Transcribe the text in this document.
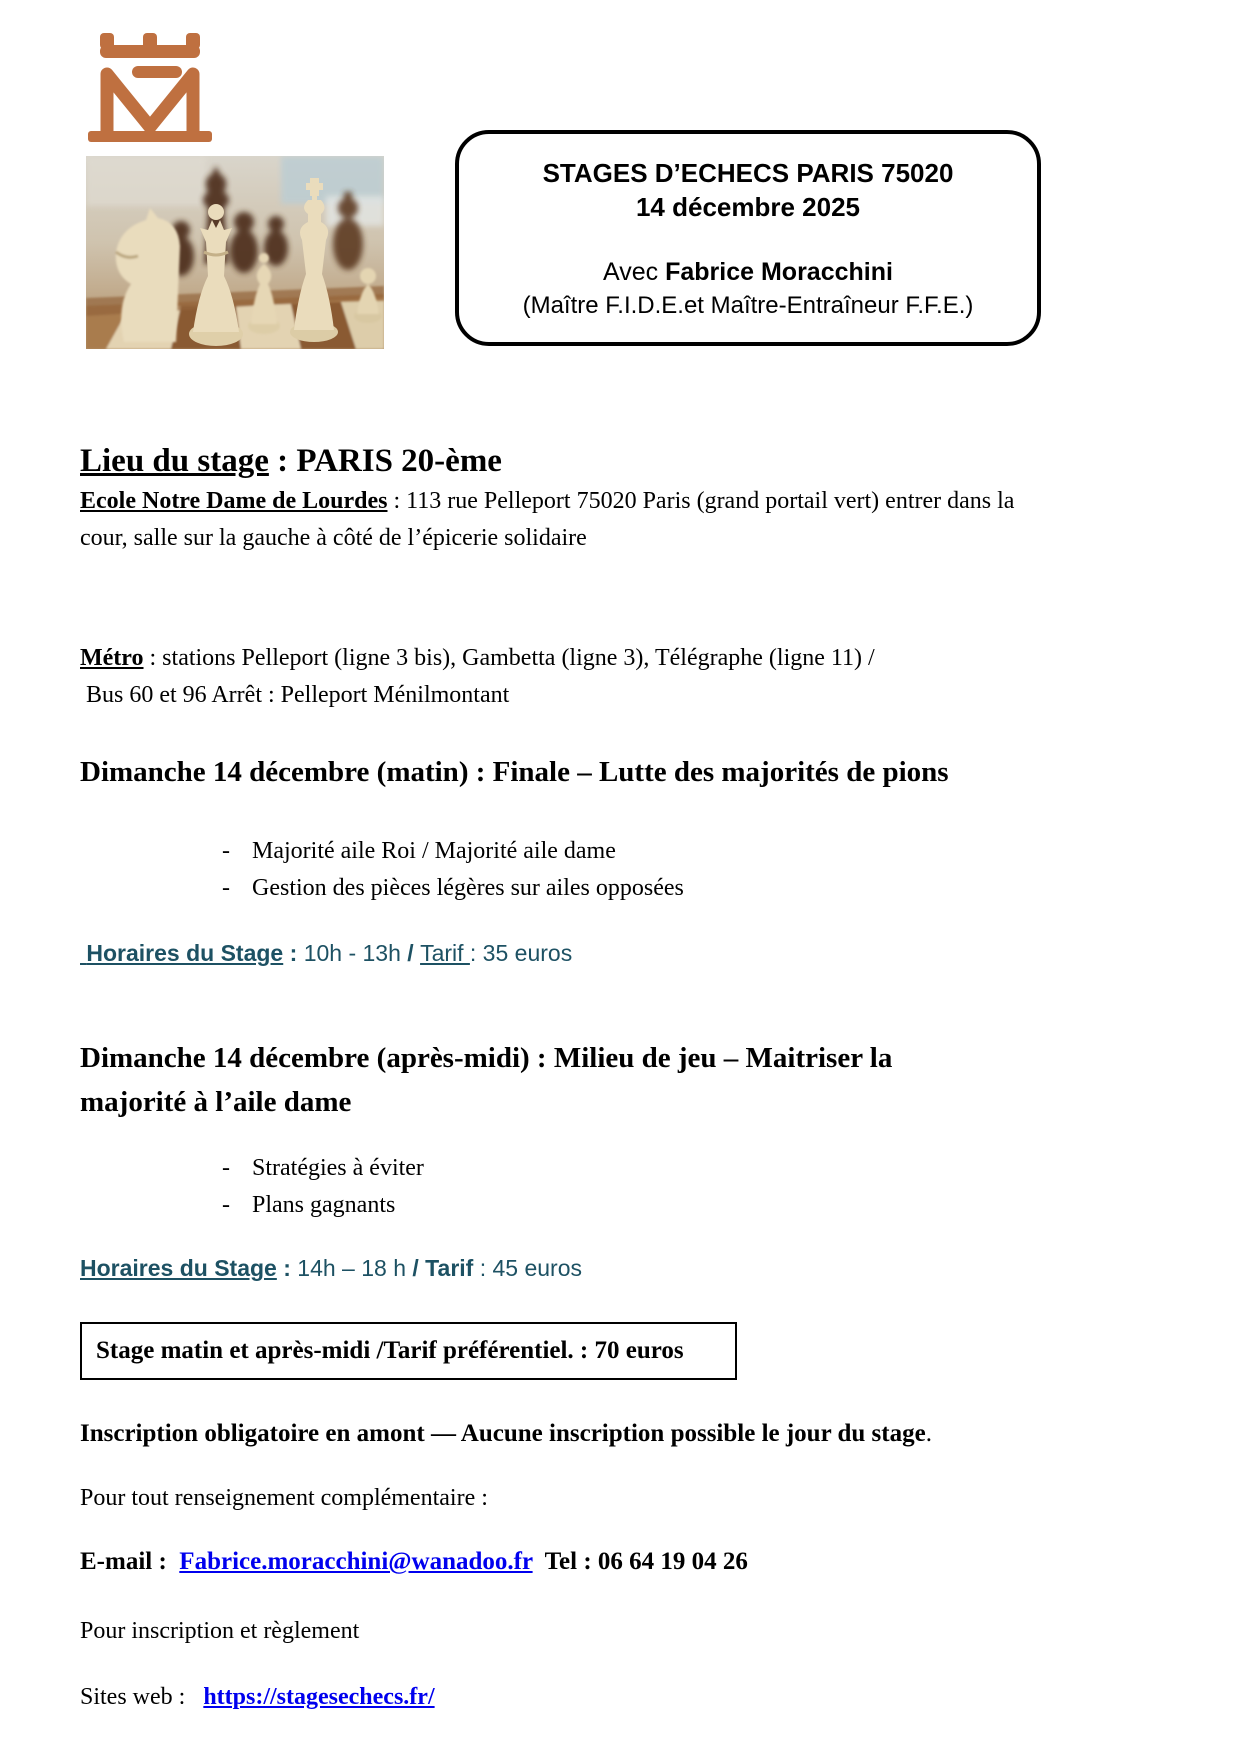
STAGES D’ECHECS PARIS 75020
14 décembre 2025
Avec Fabrice Moracchini
(Maître F.I.D.E.et Maître-Entraîneur F.F.E.)
Lieu du stage : PARIS 20-ème
Ecole Notre Dame de Lourdes : 113 rue Pelleport 75020 Paris (grand portail vert) entrer dans la cour, salle sur la gauche à côté de l’épicerie solidaire
Métro : stations Pelleport (ligne 3 bis), Gambetta (ligne 3), Télégraphe (ligne 11) /
Bus 60 et 96 Arrêt : Pelleport Ménilmontant
Dimanche 14 décembre (matin) : Finale – Lutte des majorités de pions
- Majorité aile Roi / Majorité aile dame
- Gestion des pièces légères sur ailes opposées
Horaires du Stage : 10h - 13h / Tarif : 35 euros
Dimanche 14 décembre (après-midi) : Milieu de jeu – Maitriser la majorité à l’aile dame
- Stratégies à éviter
- Plans gagnants
Horaires du Stage : 14h – 18 h / Tarif : 45 euros
Stage matin et après-midi /Tarif préférentiel. : 70 euros
Inscription obligatoire en amont — Aucune inscription possible le jour du stage.
Pour tout renseignement complémentaire :
E-mail :  Fabrice.moracchini@wanadoo.fr  Tel : 06 64 19 04 26
Pour inscription et règlement
Sites web :   https://stagesechecs.fr/
